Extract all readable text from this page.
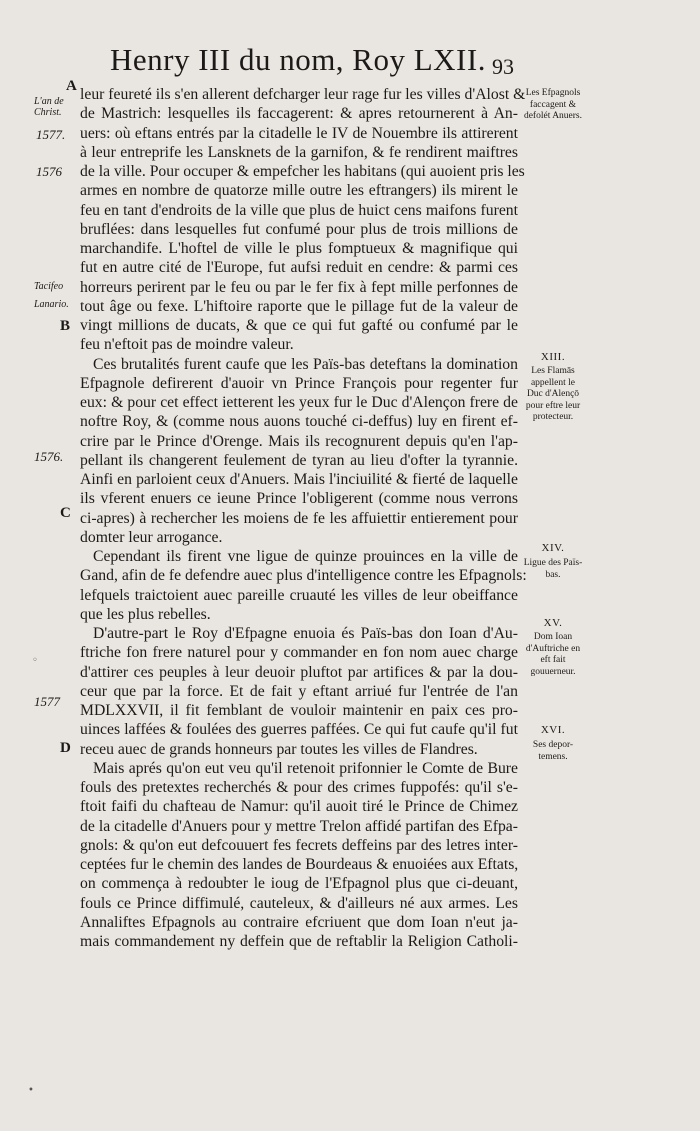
Henry III du nom, Roy LXII. 93
L'an de
Christ.
1577.
1576
Tacifeo
Lanario.
1576.
1577
A
B
C
D
leur feureté ils s'en allerent defcharger leur rage fur les villes d'Alost &
de Mastrich: lesquelles ils faccagerent: & apres retournerent à An-
uers: où eftans entrés par la citadelle le IV de Nouembre ils attirerent
à leur entreprife les Lansknets de la garnifon, & fe rendirent maiftres
de la ville. Pour occuper & empefcher les habitans (qui auoient pris les
armes en nombre de quatorze mille outre les eftrangers) ils mirent le
feu en tant d'endroits de la ville que plus de huict cens maifons furent
bruflées: dans lesquelles fut confumé pour plus de trois millions de
marchandife. L'hoftel de ville le plus fomptueux & magnifique qui
fut en autre cité de l'Europe, fut aufsi reduit en cendre: & parmi ces
horreurs perirent par le feu ou par le fer fix à fept mille perfonnes de
tout âge ou fexe. L'hiftoire raporte que le pillage fut de la valeur de
vingt millions de ducats, & que ce qui fut gafté ou confumé par le
feu n'eftoit pas de moindre valeur.
Ces brutalités furent caufe que les Païs-bas deteftans la domination
Efpagnole defirerent d'auoir vn Prince François pour regenter fur
eux: & pour cet effect ietterent les yeux fur le Duc d'Alençon frere de
noftre Roy, & (comme nous auons touché ci-deffus) luy en firent ef-
crire par le Prince d'Orenge. Mais ils recognurent depuis qu'en l'ap-
pellant ils changerent feulement de tyran au lieu d'ofter la tyrannie.
Ainfi en parloient ceux d'Anuers. Mais l'inciuilité & fierté de laquelle
ils vferent enuers ce ieune Prince l'obligerent (comme nous verrons
ci-apres) à rechercher les moiens de fe les affuiettir entierement pour
domter leur arrogance.
Cependant ils firent vne ligue de quinze prouinces en la ville de
Gand, afin de fe defendre auec plus d'intelligence contre les Efpagnols:
lefquels traictoient auec pareille cruauté les villes de leur obeiffance
que les plus rebelles.
D'autre-part le Roy d'Efpagne enuoia és Païs-bas don Ioan d'Au-
ftriche fon frere naturel pour y commander en fon nom auec charge
d'attirer ces peuples à leur deuoir pluftot par artifices & par la dou-
ceur que par la force. Et de fait y eftant arriué fur l'entrée de l'an
MDLXXVII, il fit femblant de vouloir maintenir en paix ces pro-
uinces laffées & foulées des guerres paffées. Ce qui fut caufe qu'il fut
receu auec de grands honneurs par toutes les villes de Flandres.
Mais aprés qu'on eut veu qu'il retenoit prifonnier le Comte de Bure
fouls des pretextes recherchés & pour des crimes fuppofés: qu'il s'e-
ftoit faifi du chafteau de Namur: qu'il auoit tiré le Prince de Chimez
de la citadelle d'Anuers pour y mettre Trelon affidé partifan des Efpa-
gnols: & qu'on eut defcouuert fes fecrets deffeins par des letres inter-
ceptées fur le chemin des landes de Bourdeaus & enuoiées aux Eftats,
on commença à redoubter le ioug de l'Efpagnol plus que ci-deuant,
fouls ce Prince diffimulé, cauteleux, & d'ailleurs né aux armes. Les
Annaliftes Efpagnols au contraire efcriuent que dom Ioan n'eut ja-
mais commandement ny deffein que de reftablir la Religion Catholi-
Les Efpagnols faccagent & defolét Anuers.
XIII.
Les Flamās appellent le Duc d'Alençō pour eftre leur protecteur.
XIV.
Ligue des Païs-bas.
XV.
Dom Ioan d'Auftriche en eft fait gouuerneur.
XVI.
Ses depor-temens.
◦
•
